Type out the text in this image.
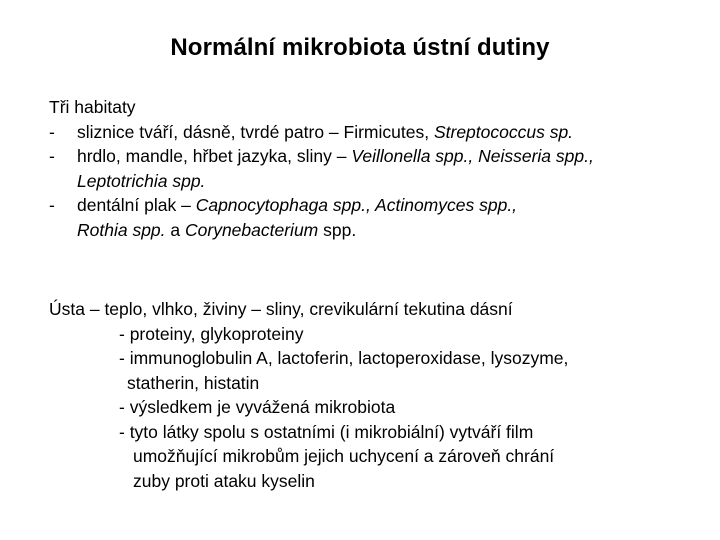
Normální mikrobiota ústní dutiny
Tři habitaty
- sliznice tváří, dásně, tvrdé patro – Firmicutes, Streptococcus sp.
- hrdlo, mandle, hřbet jazyka, sliny – Veillonella spp., Neisseria spp.,
Leptotrichia spp.
- dentální plak – Capnocytophaga spp., Actinomyces spp.,
Rothia spp. a Corynebacterium spp.
Ústa – teplo, vlhko, živiny – sliny, crevikulární tekutina dásní
- proteiny, glykoproteiny
- immunoglobulin A, lactoferin, lactoperoxidase, lysozyme,
statherin, histatin
- výsledkem je vyvážená mikrobiota
- tyto látky spolu s ostatními (i mikrobiální) vytváří film
umožňující mikrobům jejich uchycení a zároveň chrání
zuby proti ataku kyselin
